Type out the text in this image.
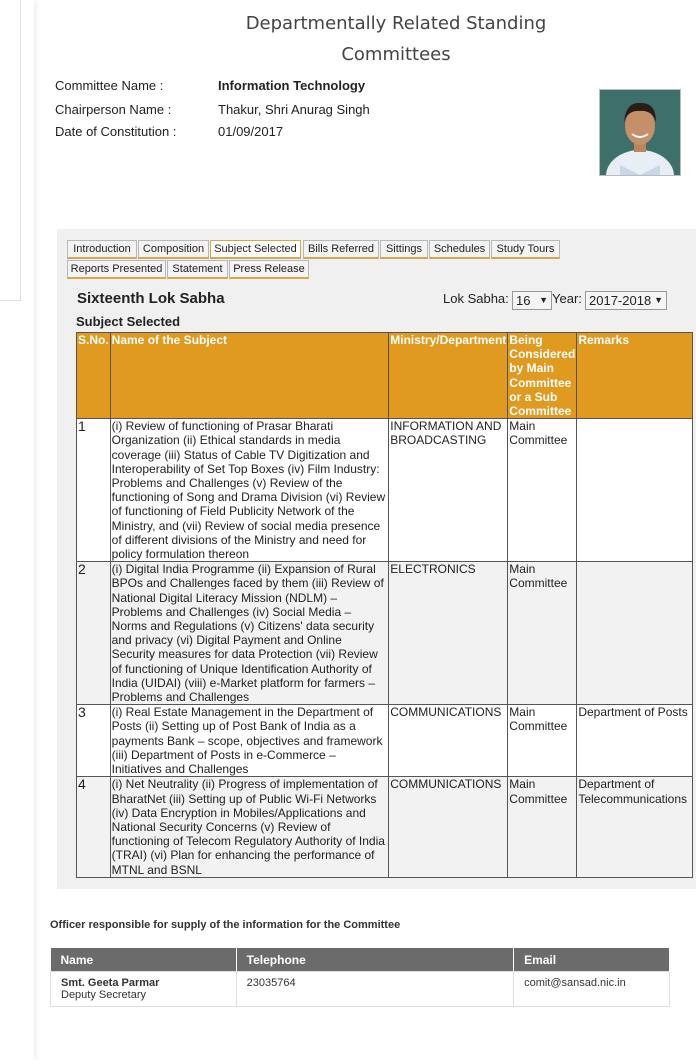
Departmentally Related Standing
Committees
Committee Name :	Information Technology
Chairperson Name :	Thakur, Shri Anurag Singh
Date of Constitution :	01/09/2017
Introduction	Composition Subject Selected	Bills Referred	Sittings	Schedules	Study Tours
Reports Presented Statement Press Release
Sixteenth Lok Sabha	Lok Sabha: 16 ▼ Year: 2017-2018 ▼
Subject Selected
S.No.	Name of the Subject	Ministry/Department	Being Considered by Main Committee or a Sub Committee	Remarks
1	(i) Review of functioning of Prasar Bharati Organization (ii) Ethical standards in media coverage (iii) Status of Cable TV Digitization and Interoperability of Set Top Boxes (iv) Film Industry: Problems and Challenges (v) Review of the functioning of Song and Drama Division (vi) Review of functioning of Field Publicity Network of the Ministry, and (vii) Review of social media presence of different divisions of the Ministry and need for policy formulation thereon	INFORMATION AND BROADCASTING	Main Committee	
2	(i) Digital India Programme (ii) Expansion of Rural BPOs and Challenges faced by them (iii) Review of National Digital Literacy Mission (NDLM) – Problems and Challenges (iv) Social Media – Norms and Regulations (v) Citizens' data security and privacy (vi) Digital Payment and Online Security measures for data Protection (vii) Review of functioning of Unique Identification Authority of India (UIDAI) (viii) e-Market platform for farmers – Problems and Challenges	ELECTRONICS	Main Committee	
3	(i) Real Estate Management in the Department of Posts (ii) Setting up of Post Bank of India as a payments Bank – scope, objectives and framework (iii) Department of Posts in e-Commerce – Initiatives and Challenges	COMMUNICATIONS	Main Committee	Department of Posts
4	(i) Net Neutrality (ii) Progress of implementation of BharatNet (iii) Setting up of Public Wi-Fi Networks (iv) Data Encryption in Mobiles/Applications and National Security Concerns (v) Review of functioning of Telecom Regulatory Authority of India (TRAI) (vi) Plan for enhancing the performance of MTNL and BSNL	COMMUNICATIONS	Main Committee	Department of Telecommunications
Officer responsible for supply of the information for the Committee
Name	Telephone	Email

Smt. Geeta Parmar
Deputy Secretary	23035764	comit@sansad.nic.in
